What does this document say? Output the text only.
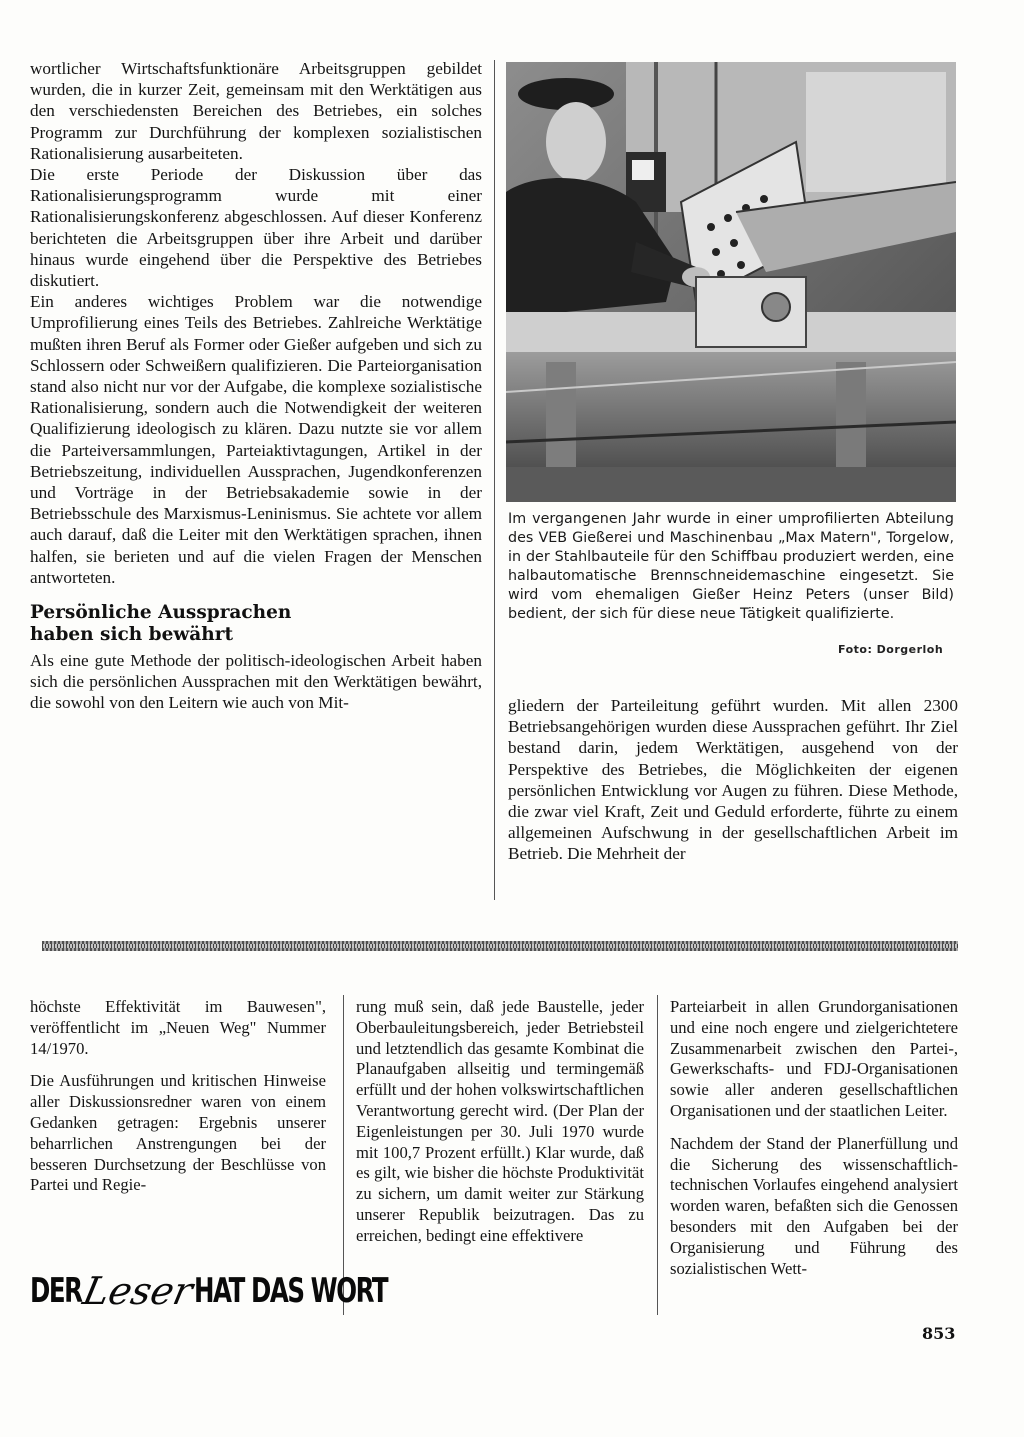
wortlicher Wirtschaftsfunktionäre Arbeitsgruppen gebildet wurden, die in kurzer Zeit, gemeinsam mit den Werktätigen aus den verschiedensten Bereichen des Betriebes, ein solches Programm zur Durchführung der komplexen sozialistischen Rationalisierung ausarbeiteten.

Die erste Periode der Diskussion über das Rationalisierungsprogramm wurde mit einer Rationalisierungskonferenz abgeschlossen. Auf dieser Konferenz berichteten die Arbeitsgruppen über ihre Arbeit und darüber hinaus wurde eingehend über die Perspektive des Betriebes diskutiert.

Ein anderes wichtiges Problem war die notwendige Umprofilierung eines Teils des Betriebes. Zahlreiche Werktätige mußten ihren Beruf als Former oder Gießer aufgeben und sich zu Schlossern oder Schweißern qualifizieren. Die Parteiorganisation stand also nicht nur vor der Aufgabe, die komplexe sozialistische Rationalisierung, sondern auch die Notwendigkeit der weiteren Qualifizierung ideologisch zu klären. Dazu nutzte sie vor allem die Parteiversammlungen, Parteiaktivtagungen, Artikel in der Betriebszeitung, individuellen Aussprachen, Jugendkonferenzen und Vorträge in der Betriebsakademie sowie in der Betriebsschule des Marxismus-Leninismus. Sie achtete vor allem auch darauf, daß die Leiter mit den Werktätigen sprachen, ihnen halfen, sie berieten und auf die vielen Fragen der Menschen antworteten.

Persönliche Aussprachen
haben sich bewährt

Als eine gute Methode der politisch-ideologischen Arbeit haben sich die persönlichen Aussprachen mit den Werktätigen bewährt, die sowohl von den Leitern wie auch von Mit-

Im vergangenen Jahr wurde in einer umprofilierten Abteilung des VEB Gießerei und Maschinenbau „Max Matern", Torgelow, in der Stahlbauteile für den Schiffbau produziert werden, eine halbautomatische Brennschneidemaschine eingesetzt. Sie wird vom ehemaligen Gießer Heinz Peters (unser Bild) bedient, der sich für diese neue Tätigkeit qualifizierte.
Foto: Dorgerloh

gliedern der Parteileitung geführt wurden. Mit allen 2300 Betriebsangehörigen wurden diese Aussprachen geführt. Ihr Ziel bestand darin, jedem Werktätigen, ausgehend von der Perspektive des Betriebes, die Möglichkeiten der eigenen persönlichen Entwicklung vor Augen zu führen. Diese Methode, die zwar viel Kraft, Zeit und Geduld erforderte, führte zu einem allgemeinen Aufschwung in der gesellschaftlichen Arbeit im Betrieb. Die Mehrheit der

höchste Effektivität im Bauwesen", veröffentlicht im „Neuen Weg" Nummer 14/1970.

Die Ausführungen und kritischen Hinweise aller Diskussionsredner waren von einem Gedanken getragen: Ergebnis unserer beharrlichen Anstrengungen bei der besseren Durchsetzung der Beschlüsse von Partei und Regie-

rung muß sein, daß jede Baustelle, jeder Oberbauleitungsbereich, jeder Betriebsteil und letztendlich das gesamte Kombinat die Planaufgaben allseitig und termingemäß erfüllt und der hohen volkswirtschaftlichen Verantwortung gerecht wird. (Der Plan der Eigenleistungen per 30. Juli 1970 wurde mit 100,7 Prozent erfüllt.) Klar wurde, daß es gilt, wie bisher die höchste Produktivität zu sichern, um damit weiter zur Stärkung unserer Republik beizutragen. Das zu erreichen, bedingt eine effektivere

Parteiarbeit in allen Grundorganisationen und eine noch engere und zielgerichtetere Zusammenarbeit zwischen den Partei-, Gewerkschafts- und FDJ-Organisationen sowie aller anderen gesellschaftlichen Organisationen und der staatlichen Leiter.

Nachdem der Stand der Planerfüllung und die Sicherung des wissenschaftlich-technischen Vorlaufes eingehend analysiert worden waren, befaßten sich die Genossen besonders mit den Aufgaben bei der Organisierung und Führung des sozialistischen Wett-

DER
Leser
HAT DAS WORT
853
